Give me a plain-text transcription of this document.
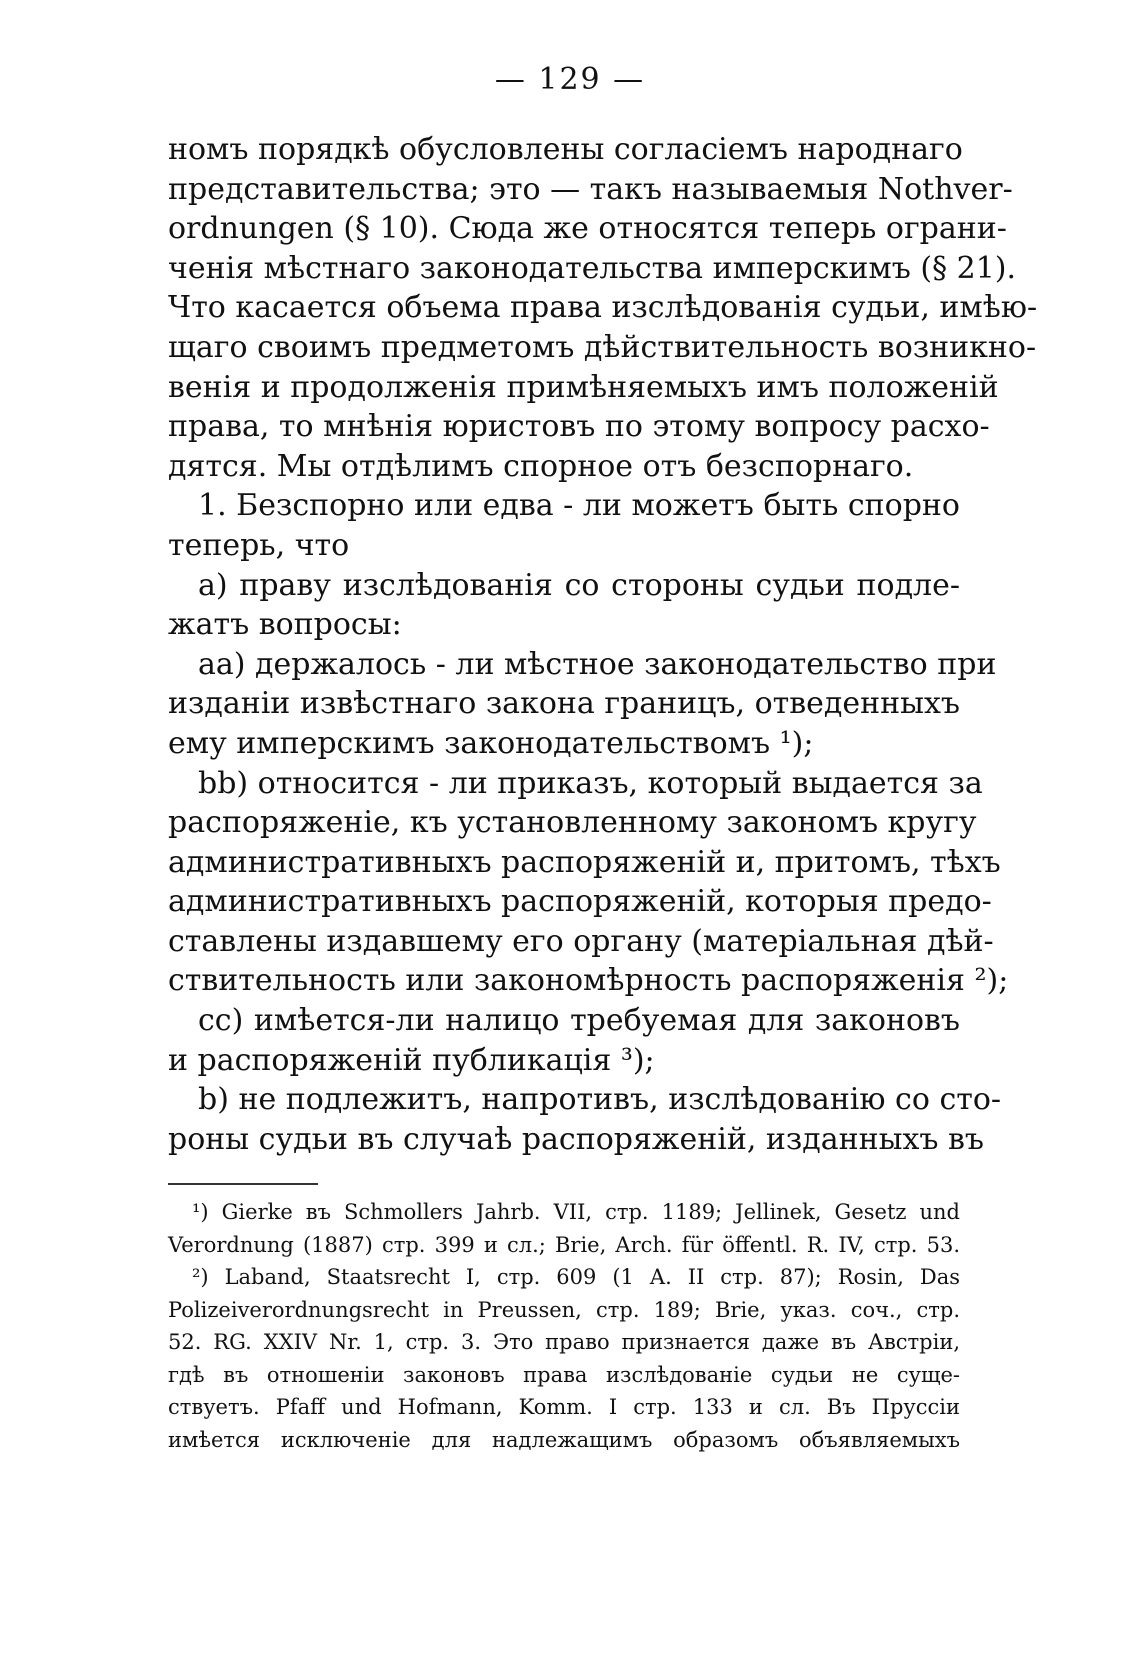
— 129 —
номъ порядкѣ обусловлены согласіемъ народнаго
представительства; это — такъ называемыя Nothver-
ordnungen (§ 10). Сюда же относятся теперь ограни-
ченія мѣстнаго законодательства имперскимъ (§ 21).
Что касается объема права изслѣдованія судьи, имѣю-
щаго своимъ предметомъ дѣйствительность возникно-
венія и продолженія примѣняемыхъ имъ положеній
права, то мнѣнія юристовъ по этому вопросу расхо-
дятся. Мы отдѣлимъ спорное отъ безспорнаго.
1. Безспорно или едва - ли можетъ быть спорно
теперь, что
a) праву изслѣдованія со стороны судьи подле-
жатъ вопросы:
aa) держалось - ли мѣстное законодательство при
изданіи извѣстнаго закона границъ, отведенныхъ
ему имперскимъ законодательствомъ ¹);
bb) относится - ли приказъ, который выдается за
распоряженіе, къ установленному закономъ кругу
административныхъ распоряженій и, притомъ, тѣхъ
административныхъ распоряженій, которыя предо-
ставлены издавшему его органу (матеріальная дѣй-
ствительность или закономѣрность распоряженія ²);
cc) имѣется-ли налицо требуемая для законовъ
и распоряженій публикація ³);
b) не подлежитъ, напротивъ, изслѣдованію со сто-
роны судьи въ случаѣ распоряженій, изданныхъ въ
¹) Gierke въ Schmollers Jahrb. VII, стр. 1189; Jellinek, Gesetz und
Verordnung (1887) стр. 399 и сл.; Brie, Arch. für öffentl. R. IV, стр. 53.
²) Laband, Staatsrecht I, стр. 609 (1 A. II стр. 87); Rosin, Das
Polizeiverordnungsrecht in Preussen, стр. 189; Brie, указ. соч., стр.
52. RG. XXIV Nr. 1, стр. 3. Это право признается даже въ Австріи,
гдѣ въ отношеніи законовъ права изслѣдованіе судьи не суще-
ствуетъ. Pfaff und Hofmann, Komm. I стр. 133 и сл. Въ Пруссіи
имѣется исключеніе для надлежащимъ образомъ объявляемыхъ
